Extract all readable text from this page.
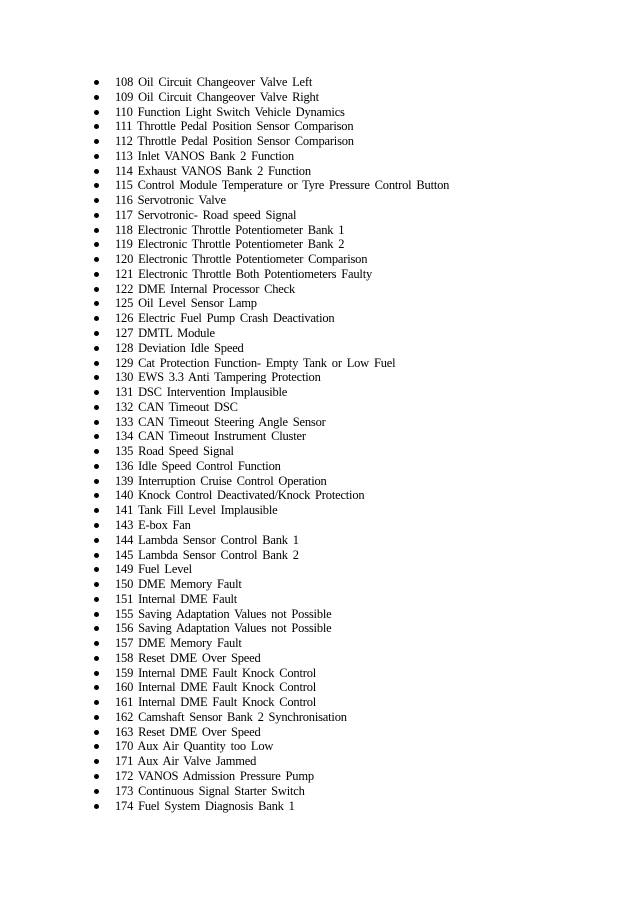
108 Oil Circuit Changeover Valve Left
109 Oil Circuit Changeover Valve Right
110 Function Light Switch Vehicle Dynamics
111 Throttle Pedal Position Sensor Comparison
112 Throttle Pedal Position Sensor Comparison
113 Inlet VANOS Bank 2 Function
114 Exhaust VANOS Bank 2 Function
115 Control Module Temperature or Tyre Pressure Control Button
116 Servotronic Valve
117 Servotronic- Road speed Signal
118 Electronic Throttle Potentiometer Bank 1
119 Electronic Throttle Potentiometer Bank 2
120 Electronic Throttle Potentiometer Comparison
121 Electronic Throttle Both Potentiometers Faulty
122 DME Internal Processor Check
125 Oil Level Sensor Lamp
126 Electric Fuel Pump Crash Deactivation
127 DMTL Module
128 Deviation Idle Speed
129 Cat Protection Function- Empty Tank or Low Fuel
130 EWS 3.3 Anti Tampering Protection
131 DSC Intervention Implausible
132 CAN Timeout DSC
133 CAN Timeout Steering Angle Sensor
134 CAN Timeout Instrument Cluster
135 Road Speed Signal
136 Idle Speed Control Function
139 Interruption Cruise Control Operation
140 Knock Control Deactivated/Knock Protection
141 Tank Fill Level Implausible
143 E-box Fan
144 Lambda Sensor Control Bank 1
145 Lambda Sensor Control Bank 2
149 Fuel Level
150 DME Memory Fault
151 Internal DME Fault
155 Saving Adaptation Values not Possible
156 Saving Adaptation Values not Possible
157 DME Memory Fault
158 Reset DME Over Speed
159 Internal DME Fault Knock Control
160 Internal DME Fault Knock Control
161 Internal DME Fault Knock Control
162 Camshaft Sensor Bank 2 Synchronisation
163 Reset DME Over Speed
170 Aux Air Quantity too Low
171 Aux Air Valve Jammed
172 VANOS Admission Pressure Pump
173 Continuous Signal Starter Switch
174 Fuel System Diagnosis Bank 1
